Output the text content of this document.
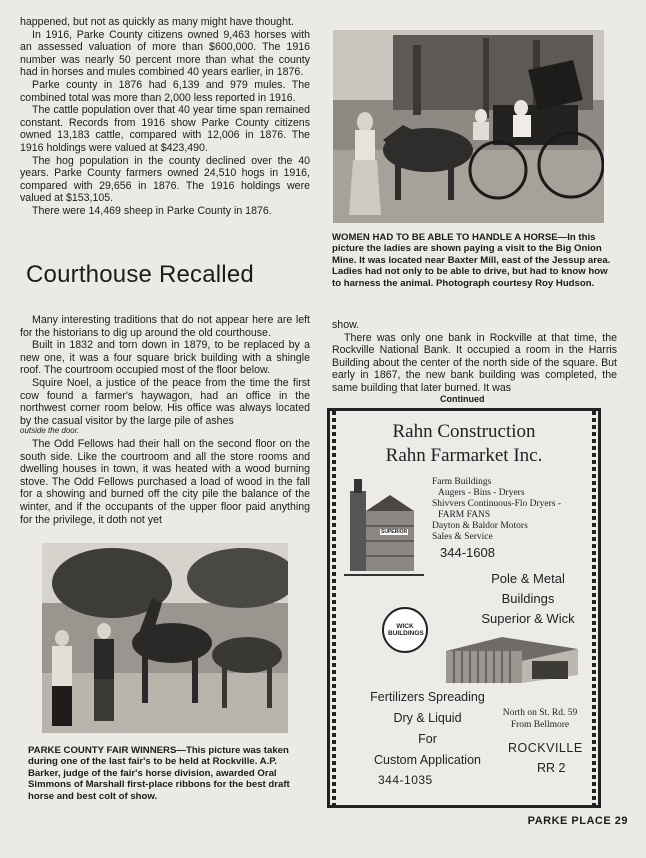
happened, but not as quickly as many might have thought.

In 1916, Parke County citizens owned 9,463 horses with an assessed valuation of more than $600,000. The 1916 number was nearly 50 percent more than what the county had in horses and mules combined 40 years earlier, in 1876.

Parke county in 1876 had 6,139 and 979 mules. The combined total was more than 2,000 less reported in 1916.

The cattle population over that 40 year time span remained constant. Records from 1916 show Parke County citizens owned 13,183 cattle, compared with 12,006 in 1876. The 1916 holdings were valued at $423,490.

The hog population in the county declined over the 40 years. Parke County farmers owned 24,510 hogs in 1916, compared with 29,656 in 1876. The 1916 holdings were valued at $153,105.

There were 14,469 sheep in Parke County in 1876.

Courthouse Recalled

Many interesting traditions that do not appear here are left for the historians to dig up around the old courthouse.

Built in 1832 and torn down in 1879, to be replaced by a new one, it was a four square brick building with a shingle roof. The courtroom occupied most of the floor below.

Squire Noel, a justice of the peace from the time the first cow found a farmer's haywagon, had an office in the northwest corner room below. His office was always located by the casual visitor by the large pile of ashes

outside the door.

The Odd Fellows had their hall on the second floor on the south side. Like the courtroom and all the store rooms and dwelling houses in town, it was heated with a wood burning stove. The Odd Fellows purchased a load of wood in the fall for a showing and burned off the city pile the balance of the winter, and if the occupants of the upper floor paid anything for the privilege, it doth not yet

WOMEN HAD TO BE ABLE TO HANDLE A HORSE—In this picture the ladies are shown paying a visit to the Big Onion Mine. It was located near Baxter Mill, east of the Jessup area. Ladies had not only to be able to drive, but had to know how to harness the animal. Photograph courtesy Roy Hudson.

show.

There was only one bank in Rockville at that time, the Rockville National Bank. It occupied a room in the Harris Building about the center of the north side of the square. But early in 1867, the new bank building was completed, the same building that later burned. It was

Continued
PARKE COUNTY FAIR WINNERS—This picture was taken during one of the last fair's to be held at Rockville. A.P. Barker, judge of the fair's horse division, awarded Oral Simmons of Marshall first-place ribbons for the best draft horse and best colt of show.
Rahn Construction
Rahn Farmarket Inc.
Farm Buildings
Augers - Bins - Dryers
Shivvers Continuous-Flo Dryers -
FARM FANS
Dayton & Baldor Motors
Sales & Service
344-1608
SUPERIOR
Pole & Metal
Buildings
Superior & Wick
WICK BUILDINGS
Fertilizers Spreading
Dry & Liquid
For
Custom Application
344-1035
North on St. Rd. 59
From Bellmore
ROCKVILLE
RR 2
PARKE PLACE 29
